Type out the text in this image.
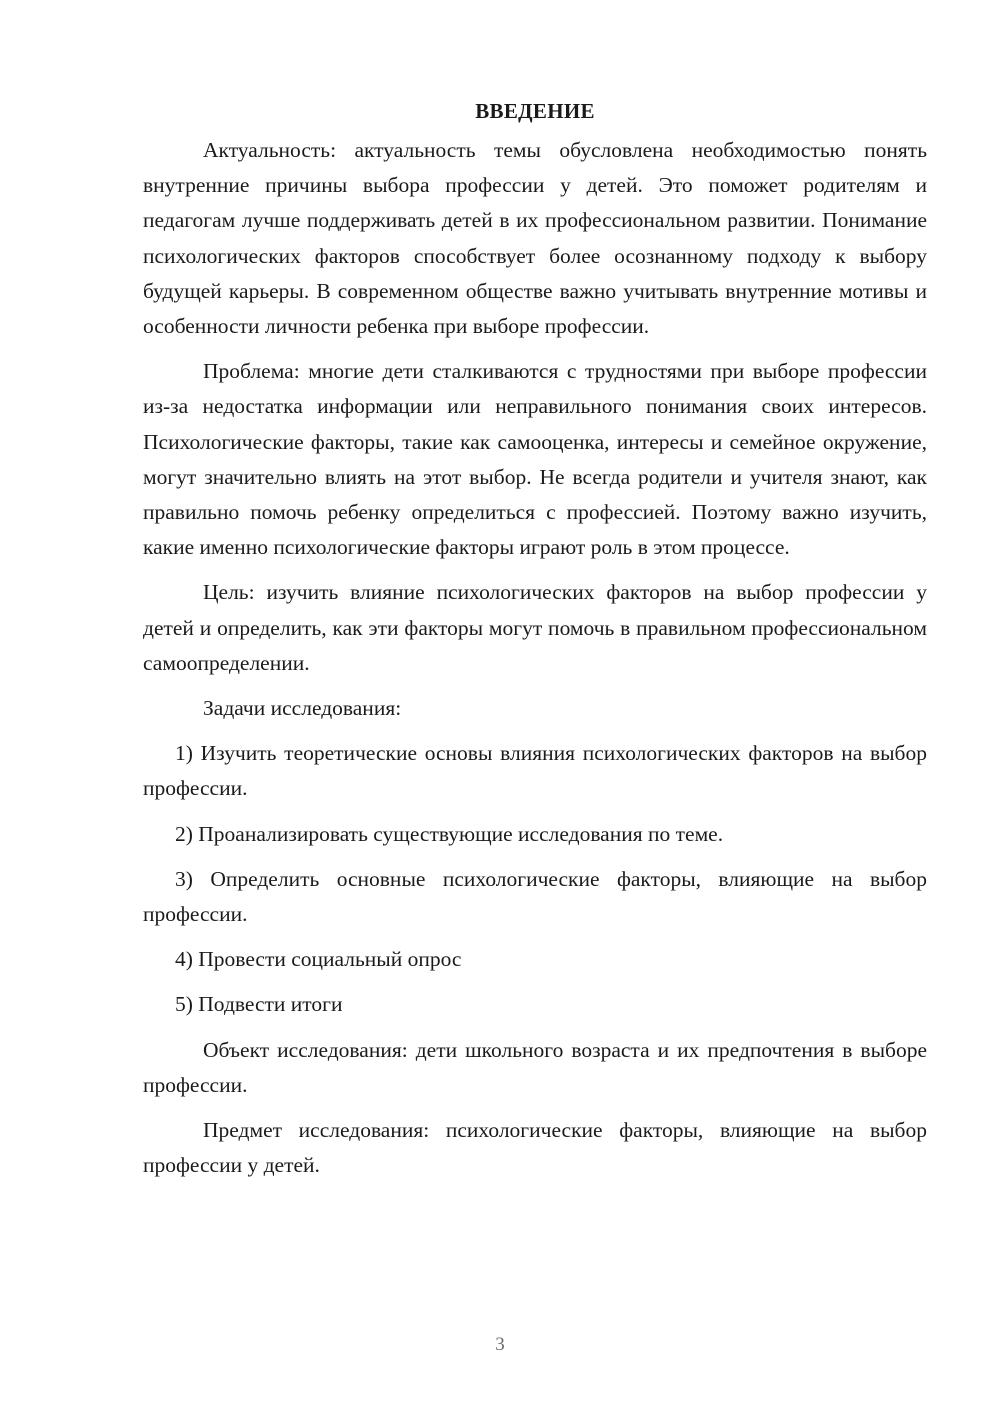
ВВЕДЕНИЕ

Актуальность: актуальность темы обусловлена необходимостью понять внутренние причины выбора профессии у детей. Это поможет родителям и педагогам лучше поддерживать детей в их профессиональном развитии. Понимание психологических факторов способствует более осознанному подходу к выбору будущей карьеры. В современном обществе важно учитывать внутренние мотивы и особенности личности ребенка при выборе профессии.

Проблема: многие дети сталкиваются с трудностями при выборе профессии из-за недостатка информации или неправильного понимания своих интересов. Психологические факторы, такие как самооценка, интересы и семейное окружение, могут значительно влиять на этот выбор. Не всегда родители и учителя знают, как правильно помочь ребенку определиться с профессией. Поэтому важно изучить, какие именно психологические факторы играют роль в этом процессе.

Цель: изучить влияние психологических факторов на выбор профессии у детей и определить, как эти факторы могут помочь в правильном профессиональном самоопределении.

Задачи исследования:

1) Изучить теоретические основы влияния психологических факторов на выбор профессии.

2) Проанализировать существующие исследования по теме.

3) Определить основные психологические факторы, влияющие на выбор профессии.

4) Провести социальный опрос

5) Подвести итоги

Объект исследования: дети школьного возраста и их предпочтения в выборе профессии.

Предмет исследования: психологические факторы, влияющие на выбор профессии у детей.

3
